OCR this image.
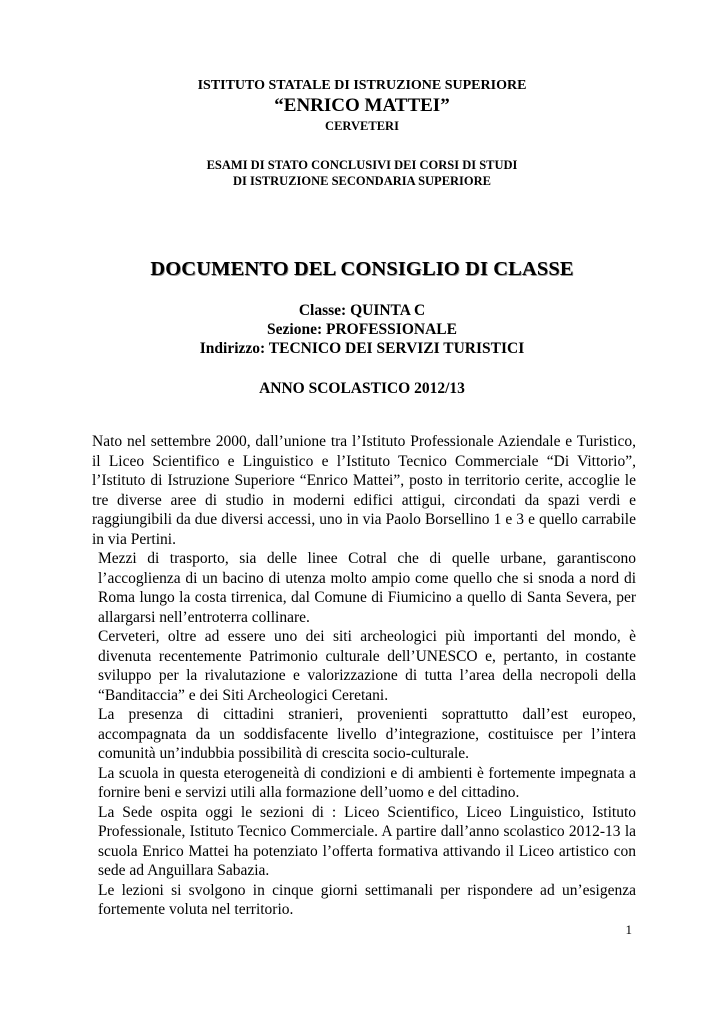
ISTITUTO STATALE DI ISTRUZIONE SUPERIORE
“ENRICO MATTEI”
CERVETERI
ESAMI DI STATO CONCLUSIVI DEI CORSI DI STUDI
DI ISTRUZIONE SECONDARIA SUPERIORE
DOCUMENTO DEL CONSIGLIO DI CLASSE
Classe: QUINTA C
Sezione: PROFESSIONALE
Indirizzo: TECNICO DEI SERVIZI TURISTICI
ANNO SCOLASTICO 2012/13

Nato nel settembre 2000, dall’unione tra l’Istituto Professionale Aziendale e Turistico, il Liceo Scientifico e Linguistico e l’Istituto Tecnico Commerciale “Di Vittorio”, l’Istituto di Istruzione Superiore “Enrico Mattei”, posto in territorio cerite, accoglie le tre diverse aree di studio in moderni edifici attigui, circondati da spazi verdi e raggiungibili da due diversi accessi, uno in via Paolo Borsellino 1 e 3 e quello carrabile in via Pertini.

Mezzi di trasporto, sia delle linee Cotral che di quelle urbane, garantiscono l’accoglienza di un bacino di utenza molto ampio come quello che si snoda a nord di Roma lungo la costa tirrenica, dal Comune di Fiumicino a quello di Santa Severa, per allargarsi nell’entroterra collinare.

Cerveteri, oltre ad essere uno dei siti archeologici più importanti del mondo, è divenuta recentemente Patrimonio culturale dell’UNESCO e, pertanto, in costante sviluppo per la rivalutazione e valorizzazione di tutta l’area della necropoli della “Banditaccia” e dei Siti Archeologici Ceretani.

La presenza di cittadini stranieri, provenienti soprattutto dall’est europeo, accompagnata da un soddisfacente livello d’integrazione, costituisce per l’intera comunità un’indubbia possibilità di crescita socio-culturale.

La scuola in questa eterogeneità di condizioni e di ambienti è fortemente impegnata a fornire beni e servizi utili alla formazione dell’uomo e del cittadino.

La Sede ospita oggi le sezioni di : Liceo Scientifico, Liceo Linguistico, Istituto Professionale, Istituto Tecnico Commerciale. A partire dall’anno scolastico 2012-13 la scuola Enrico Mattei ha potenziato l’offerta formativa attivando il Liceo artistico con sede ad Anguillara Sabazia.

Le lezioni si svolgono in cinque giorni settimanali per rispondere ad un’esigenza fortemente voluta nel territorio.

1
